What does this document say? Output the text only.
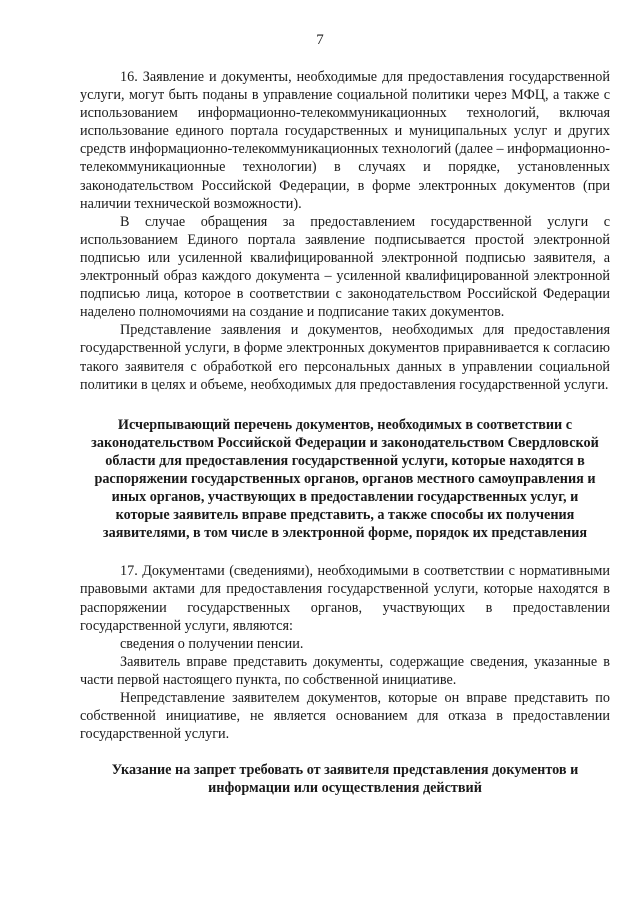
7

16. Заявление и документы, необходимые для предоставления государственной услуги, могут быть поданы в управление социальной политики через МФЦ, а также с использованием информационно-телекоммуникационных технологий, включая использование единого портала государственных и муниципальных услуг и других средств информационно-телекоммуникационных технологий (далее – информационно-телекоммуникационные технологии) в случаях и порядке, установленных законодательством Российской Федерации, в форме электронных документов (при наличии технической возможности).

В случае обращения за предоставлением государственной услуги с использованием Единого портала заявление подписывается простой электронной подписью или усиленной квалифицированной электронной подписью заявителя, а электронный образ каждого документа – усиленной квалифицированной электронной подписью лица, которое в соответствии с законодательством Российской Федерации наделено полномочиями на создание и подписание таких документов.

Представление заявления и документов, необходимых для предоставления государственной услуги, в форме электронных документов приравнивается к согласию такого заявителя с обработкой его персональных данных в управлении социальной политики в целях и объеме, необходимых для предоставления государственной услуги.

Исчерпывающий перечень документов, необходимых в соответствии с законодательством Российской Федерации и законодательством Свердловской области для предоставления государственной услуги, которые находятся в распоряжении государственных органов, органов местного самоуправления и иных органов, участвующих в предоставлении государственных услуг, и которые заявитель вправе представить, а также способы их получения заявителями, в том числе в электронной форме, порядок их представления

17. Документами (сведениями), необходимыми в соответствии с нормативными правовыми актами для предоставления государственной услуги, которые находятся в распоряжении государственных органов, участвующих в предоставлении государственной услуги, являются:

сведения о получении пенсии.

Заявитель вправе представить документы, содержащие сведения, указанные в части первой настоящего пункта, по собственной инициативе.

Непредставление заявителем документов, которые он вправе представить по собственной инициативе, не является основанием для отказа в предоставлении государственной услуги.

Указание на запрет требовать от заявителя представления документов и информации или осуществления действий
